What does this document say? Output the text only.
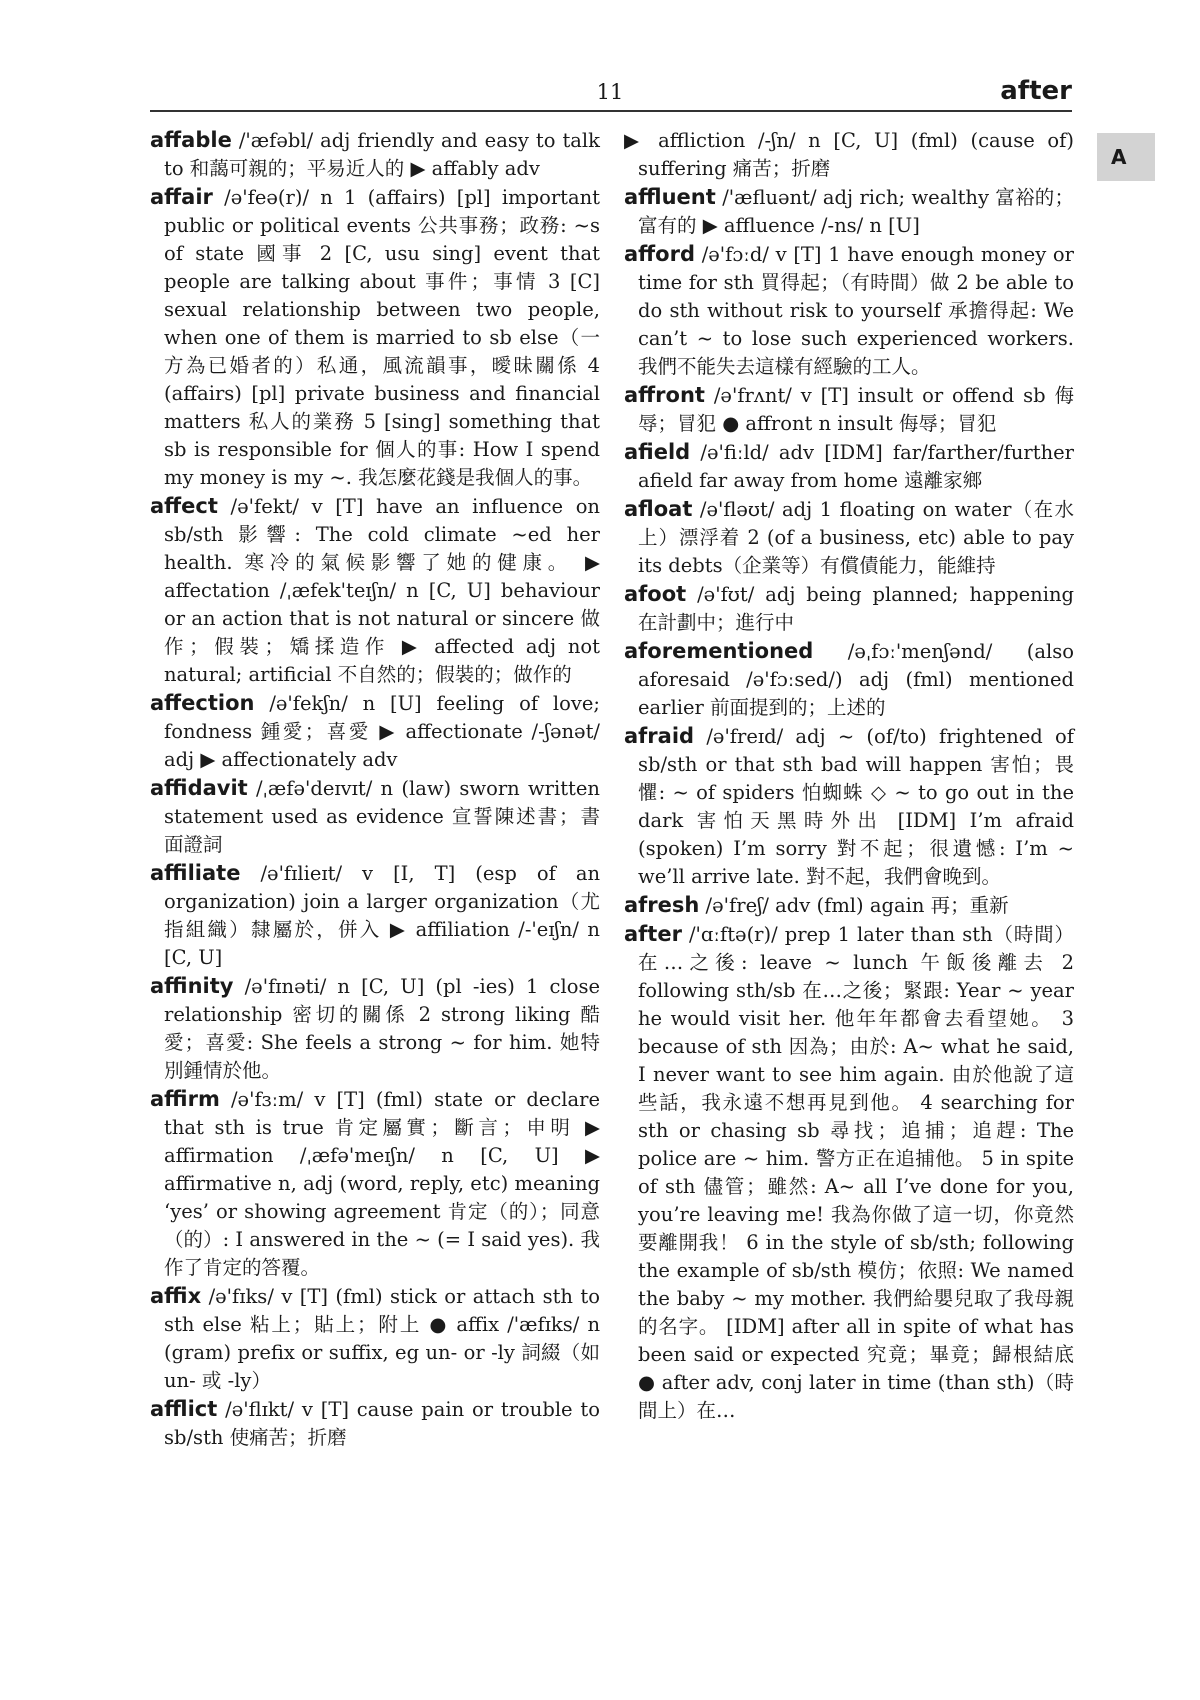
11	after
A

affable /'æfəbl/ adj friendly and easy to talk to 和藹可親的；平易近人的 ▶ affably adv

affair /ə'feə(r)/ n 1 (affairs) [pl] important public or political events 公共事務；政務: ~s of state 國事 2 [C, usu sing] event that people are talking about 事件；事情 3 [C] sexual relationship between two people, when one of them is married to sb else（一方為已婚者的）私通，風流韻事，曖昧關係 4 (affairs) [pl] private business and financial matters 私人的業務 5 [sing] something that sb is responsible for 個人的事: How I spend my money is my ~. 我怎麼花錢是我個人的事。

affect /ə'fekt/ v [T] have an influence on sb/sth 影響: The cold climate ~ed her health. 寒冷的氣候影響了她的健康。 ▶ affectation /ˌæfek'teɪʃn/ n [C, U] behaviour or an action that is not natural or sincere 做作；假裝；矯揉造作 ▶ affected adj not natural; artificial 不自然的；假裝的；做作的

affection /ə'fekʃn/ n [U] feeling of love; fondness 鍾愛；喜愛 ▶ affectionate /-ʃənət/ adj ▶ affectionately adv

affidavit /ˌæfə'deɪvɪt/ n (law) sworn written statement used as evidence 宣誓陳述書；書面證詞

affiliate /ə'fɪlieɪt/ v [I, T] (esp of an organization) join a larger organization（尤指組織）隸屬於，併入 ▶ affiliation /-'eɪʃn/ n [C, U]

affinity /ə'fɪnəti/ n [C, U] (pl -ies) 1 close relationship 密切的關係 2 strong liking 酷愛；喜愛: She feels a strong ~ for him. 她特別鍾情於他。

affirm /ə'fɜːm/ v [T] (fml) state or declare that sth is true 肯定屬實；斷言；申明 ▶ affirmation /ˌæfə'meɪʃn/ n [C, U] ▶ affirmative n, adj (word, reply, etc) meaning ‘yes’ or showing agreement 肯定（的）；同意（的）: I answered in the ~ (= I said yes). 我作了肯定的答覆。

affix /ə'fɪks/ v [T] (fml) stick or attach sth to sth else 粘上；貼上；附上 ● affix /'æfɪks/ n (gram) prefix or suffix, eg un- or -ly 詞綴（如 un- 或 -ly）

afflict /ə'flɪkt/ v [T] cause pain or trouble to sb/sth 使痛苦；折磨

▶ affliction /-ʃn/ n [C, U] (fml) (cause of) suffering 痛苦；折磨

affluent /'æfluənt/ adj rich; wealthy 富裕的；富有的 ▶ affluence /-ns/ n [U]

afford /ə'fɔːd/ v [T] 1 have enough money or time for sth 買得起；（有時間）做 2 be able to do sth without risk to yourself 承擔得起: We can’t ~ to lose such experienced workers. 我們不能失去這樣有經驗的工人。

affront /ə'frʌnt/ v [T] insult or offend sb 侮辱；冒犯 ● affront n insult 侮辱；冒犯

afield /ə'fiːld/ adv [IDM] far/farther/further afield far away from home 遠離家鄉

afloat /ə'fləʊt/ adj 1 floating on water（在水上）漂浮着 2 (of a business, etc) able to pay its debts（企業等）有償債能力，能維持

afoot /ə'fʊt/ adj being planned; happening 在計劃中；進行中

aforementioned /əˌfɔː'menʃənd/ (also aforesaid /ə'fɔːsed/) adj (fml) mentioned earlier 前面提到的；上述的

afraid /ə'freɪd/ adj ~ (of/to) frightened of sb/sth or that sth bad will happen 害怕；畏懼: ~ of spiders 怕蜘蛛 ◇ ~ to go out in the dark 害怕天黑時外出 [IDM] I’m afraid (spoken) I’m sorry 對不起；很遺憾: I’m ~ we’ll arrive late. 對不起，我們會晚到。

afresh /ə'freʃ/ adv (fml) again 再；重新

after /'ɑːftə(r)/ prep 1 later than sth（時間）在…之後: leave ~ lunch 午飯後離去 2 following sth/sb 在…之後；緊跟: Year ~ year he would visit her. 他年年都會去看望她。 3 because of sth 因為；由於: A~ what he said, I never want to see him again. 由於他說了這些話，我永遠不想再見到他。 4 searching for sth or chasing sb 尋找；追捕；追趕: The police are ~ him. 警方正在追捕他。 5 in spite of sth 儘管；雖然: A~ all I’ve done for you, you’re leaving me! 我為你做了這一切，你竟然要離開我！ 6 in the style of sb/sth; following the example of sb/sth 模仿；依照: We named the baby ~ my mother. 我們給嬰兒取了我母親的名字。 [IDM] after all in spite of what has been said or expected 究竟；畢竟；歸根結底 ● after adv, conj later in time (than sth)（時間上）在…
